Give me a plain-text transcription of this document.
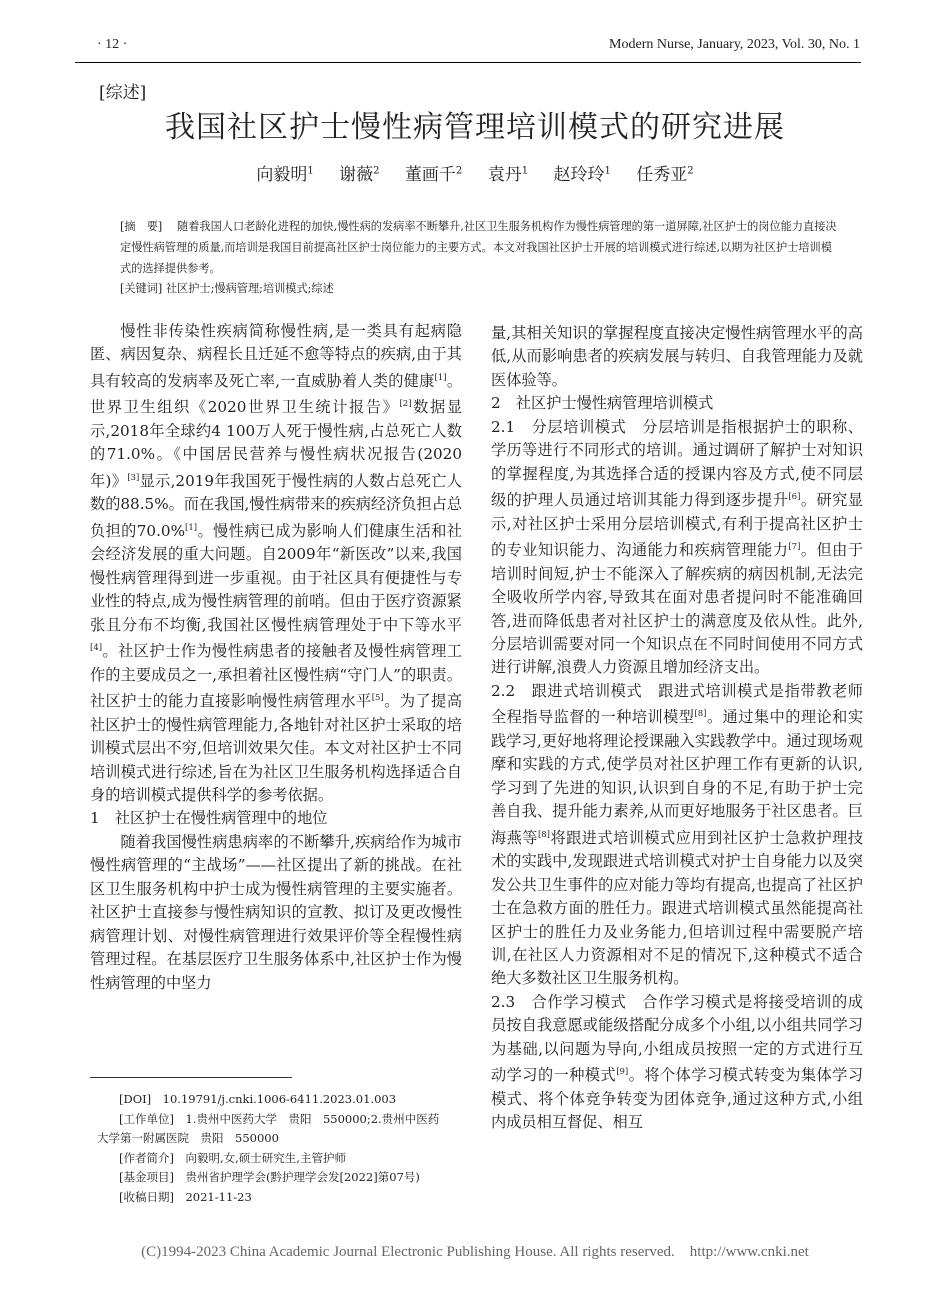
· 12 ·	Modern Nurse, January, 2023, Vol. 30, No. 1
[综述]
我国社区护士慢性病管理培训模式的研究进展
向毅明$^1$ 谢薇$^2$ 董画千$^2$ 袁丹$^1$ 赵玲玲$^1$ 任秀亚$^2$
[摘　要]　 随着我国人口老龄化进程的加快,慢性病的发病率不断攀升,社区卫生服务机构作为慢性病管理的第一道屏障,社区护士的岗位能力直接决定慢性病管理的质量,而培训是我国目前提高社区护士岗位能力的主要方式。本文对我国社区护士开展的培训模式进行综述,以期为社区护士培训模式的选择提供参考。
[关键词] 社区护士;慢病管理;培训模式;综述

慢性非传染性疾病简称慢性病,是一类具有起病隐匿、病因复杂、病程长且迁延不愈等特点的疾病,由于其具有较高的发病率及死亡率,一直威胁着人类的健康[1]。世界卫生组织《2020世界卫生统计报告》[2]数据显示,2018年全球约4 100万人死于慢性病,占总死亡人数的71.0%。《中国居民营养与慢性病状况报告(2020年)》[3]显示,2019年我国死于慢性病的人数占总死亡人数的88.5%。而在我国,慢性病带来的疾病经济负担占总负担的70.0%[1]。慢性病已成为影响人们健康生活和社会经济发展的重大问题。自2009年“新医改”以来,我国慢性病管理得到进一步重视。由于社区具有便捷性与专业性的特点,成为慢性病管理的前哨。但由于医疗资源紧张且分布不均衡,我国社区慢性病管理处于中下等水平[4]。社区护士作为慢性病患者的接触者及慢性病管理工作的主要成员之一,承担着社区慢性病“守门人”的职责。社区护士的能力直接影响慢性病管理水平[5]。为了提高社区护士的慢性病管理能力,各地针对社区护士采取的培训模式层出不穷,但培训效果欠佳。本文对社区护士不同培训模式进行综述,旨在为社区卫生服务机构选择适合自身的培训模式提供科学的参考依据。

1　社区护士在慢性病管理中的地位

随着我国慢性病患病率的不断攀升,疾病给作为城市慢性病管理的“主战场”——社区提出了新的挑战。在社区卫生服务机构中护士成为慢性病管理的主要实施者。社区护士直接参与慢性病知识的宣教、拟订及更改慢性病管理计划、对慢性病管理进行效果评价等全程慢性病管理过程。在基层医疗卫生服务体系中,社区护士作为慢性病管理的中坚力

量,其相关知识的掌握程度直接决定慢性病管理水平的高低,从而影响患者的疾病发展与转归、自我管理能力及就医体验等。

2　社区护士慢性病管理培训模式

2.1　分层培训模式　分层培训是指根据护士的职称、学历等进行不同形式的培训。通过调研了解护士对知识的掌握程度,为其选择合适的授课内容及方式,使不同层级的护理人员通过培训其能力得到逐步提升[6]。研究显示,对社区护士采用分层培训模式,有利于提高社区护士的专业知识能力、沟通能力和疾病管理能力[7]。但由于培训时间短,护士不能深入了解疾病的病因机制,无法完全吸收所学内容,导致其在面对患者提问时不能准确回答,进而降低患者对社区护士的满意度及依从性。此外,分层培训需要对同一个知识点在不同时间使用不同方式进行讲解,浪费人力资源且增加经济支出。

2.2　跟进式培训模式　跟进式培训模式是指带教老师全程指导监督的一种培训模型[8]。通过集中的理论和实践学习,更好地将理论授课融入实践教学中。通过现场观摩和实践的方式,使学员对社区护理工作有更新的认识,学习到了先进的知识,认识到自身的不足,有助于护士完善自我、提升能力素养,从而更好地服务于社区患者。巨海燕等[8]将跟进式培训模式应用到社区护士急救护理技术的实践中,发现跟进式培训模式对护士自身能力以及突发公共卫生事件的应对能力等均有提高,也提高了社区护士在急救方面的胜任力。跟进式培训模式虽然能提高社区护士的胜任力及业务能力,但培训过程中需要脱产培训,在社区人力资源相对不足的情况下,这种模式不适合绝大多数社区卫生服务机构。

2.3　合作学习模式　合作学习模式是将接受培训的成员按自我意愿或能级搭配分成多个小组,以小组共同学习为基础,以问题为导向,小组成员按照一定的方式进行互动学习的一种模式[9]。将个体学习模式转变为集体学习模式、将个体竞争转变为团体竞争,通过这种方式,小组内成员相互督促、相互

[DOI]　10.19791/j.cnki.1006-6411.2023.01.003

[工作单位]　1.贵州中医药大学　贵阳　550000;2.贵州中医药

大学第一附属医院　贵阳　550000

[作者简介]　向毅明,女,硕士研究生,主管护师

[基金项目]　贵州省护理学会(黔护理学会发[2022]第07号)

[收稿日期]　2021-11-23

(C)1994-2023 China Academic Journal Electronic Publishing House. All rights reserved.　http://www.cnki.net
